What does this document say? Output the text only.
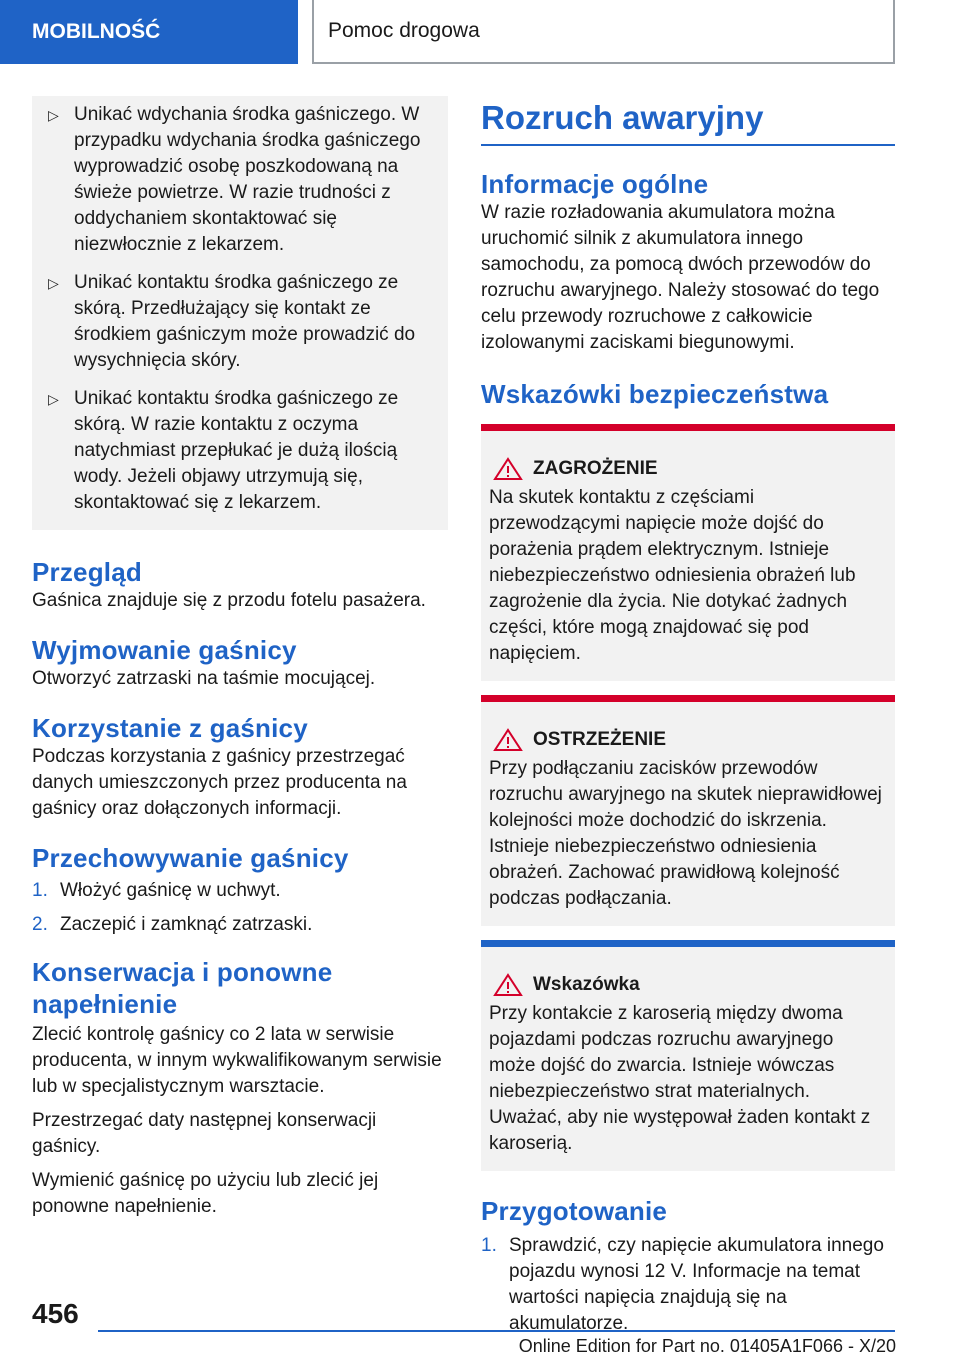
MOBILNOŚĆ	Pomoc drogowa
▷ Unikać wdychania środka gaśniczego. W przypadku wdychania środka gaśniczego wyprowadzić osobę poszkodowaną na świeże powietrze. W razie trudności z oddychaniem skontaktować się niezwłocznie z lekarzem.
▷ Unikać kontaktu środka gaśniczego ze skórą. Przedłużający się kontakt ze środkiem gaśniczym może prowadzić do wysychnięcia skóry.
▷ Unikać kontaktu środka gaśniczego ze skórą. W razie kontaktu z oczyma natychmiast przepłukać je dużą ilością wody. Jeżeli objawy utrzymują się, skontaktować się z lekarzem.
Przegląd

Gaśnica znajduje się z przodu fotelu pasażera.

Wyjmowanie gaśnicy

Otworzyć zatrzaski na taśmie mocującej.

Korzystanie z gaśnicy

Podczas korzystania z gaśnicy przestrzegać danych umieszczonych przez producenta na gaśnicy oraz dołączonych informacji.

Przechowywanie gaśnicy
1. Włożyć gaśnicę w uchwyt.
2. Zaczepić i zamknąć zatrzaski.
Konserwacja i ponowne napełnienie

Zlecić kontrolę gaśnicy co 2 lata w serwisie producenta, w innym wykwalifikowanym serwisie lub w specjalistycznym warsztacie.

Przestrzegać daty następnej konserwacji gaśnicy.

Wymienić gaśnicę po użyciu lub zlecić jej ponowne napełnienie.

Rozruch awaryjny
Informacje ogólne

W razie rozładowania akumulatora można uruchomić silnik z akumulatora innego samochodu, za pomocą dwóch przewodów do rozruchu awaryjnego. Należy stosować do tego celu przewody rozruchowe z całkowicie izolowanymi zaciskami biegunowymi.

Wskazówki bezpieczeństwa
ZAGROŻENIE

Na skutek kontaktu z częściami przewodzącymi napięcie może dojść do porażenia prądem elektrycznym. Istnieje niebezpieczeństwo odniesienia obrażeń lub zagrożenie dla życia. Nie dotykać żadnych części, które mogą znajdować się pod napięciem.

OSTRZEŻENIE

Przy podłączaniu zacisków przewodów rozruchu awaryjnego na skutek nieprawidłowej kolejności może dochodzić do iskrzenia. Istnieje niebezpieczeństwo odniesienia obrażeń. Zachować prawidłową kolejność podczas podłączania.

Wskazówka

Przy kontakcie z karoserią między dwoma pojazdami podczas rozruchu awaryjnego może dojść do zwarcia. Istnieje wówczas niebezpieczeństwo strat materialnych. Uważać, aby nie występował żaden kontakt z karoserią.

Przygotowanie
1. Sprawdzić, czy napięcie akumulatora innego pojazdu wynosi 12 V. Informacje na temat wartości napięcia znajdują się na akumulatorze.
456
Online Edition for Part no. 01405A1F066 - X/20
